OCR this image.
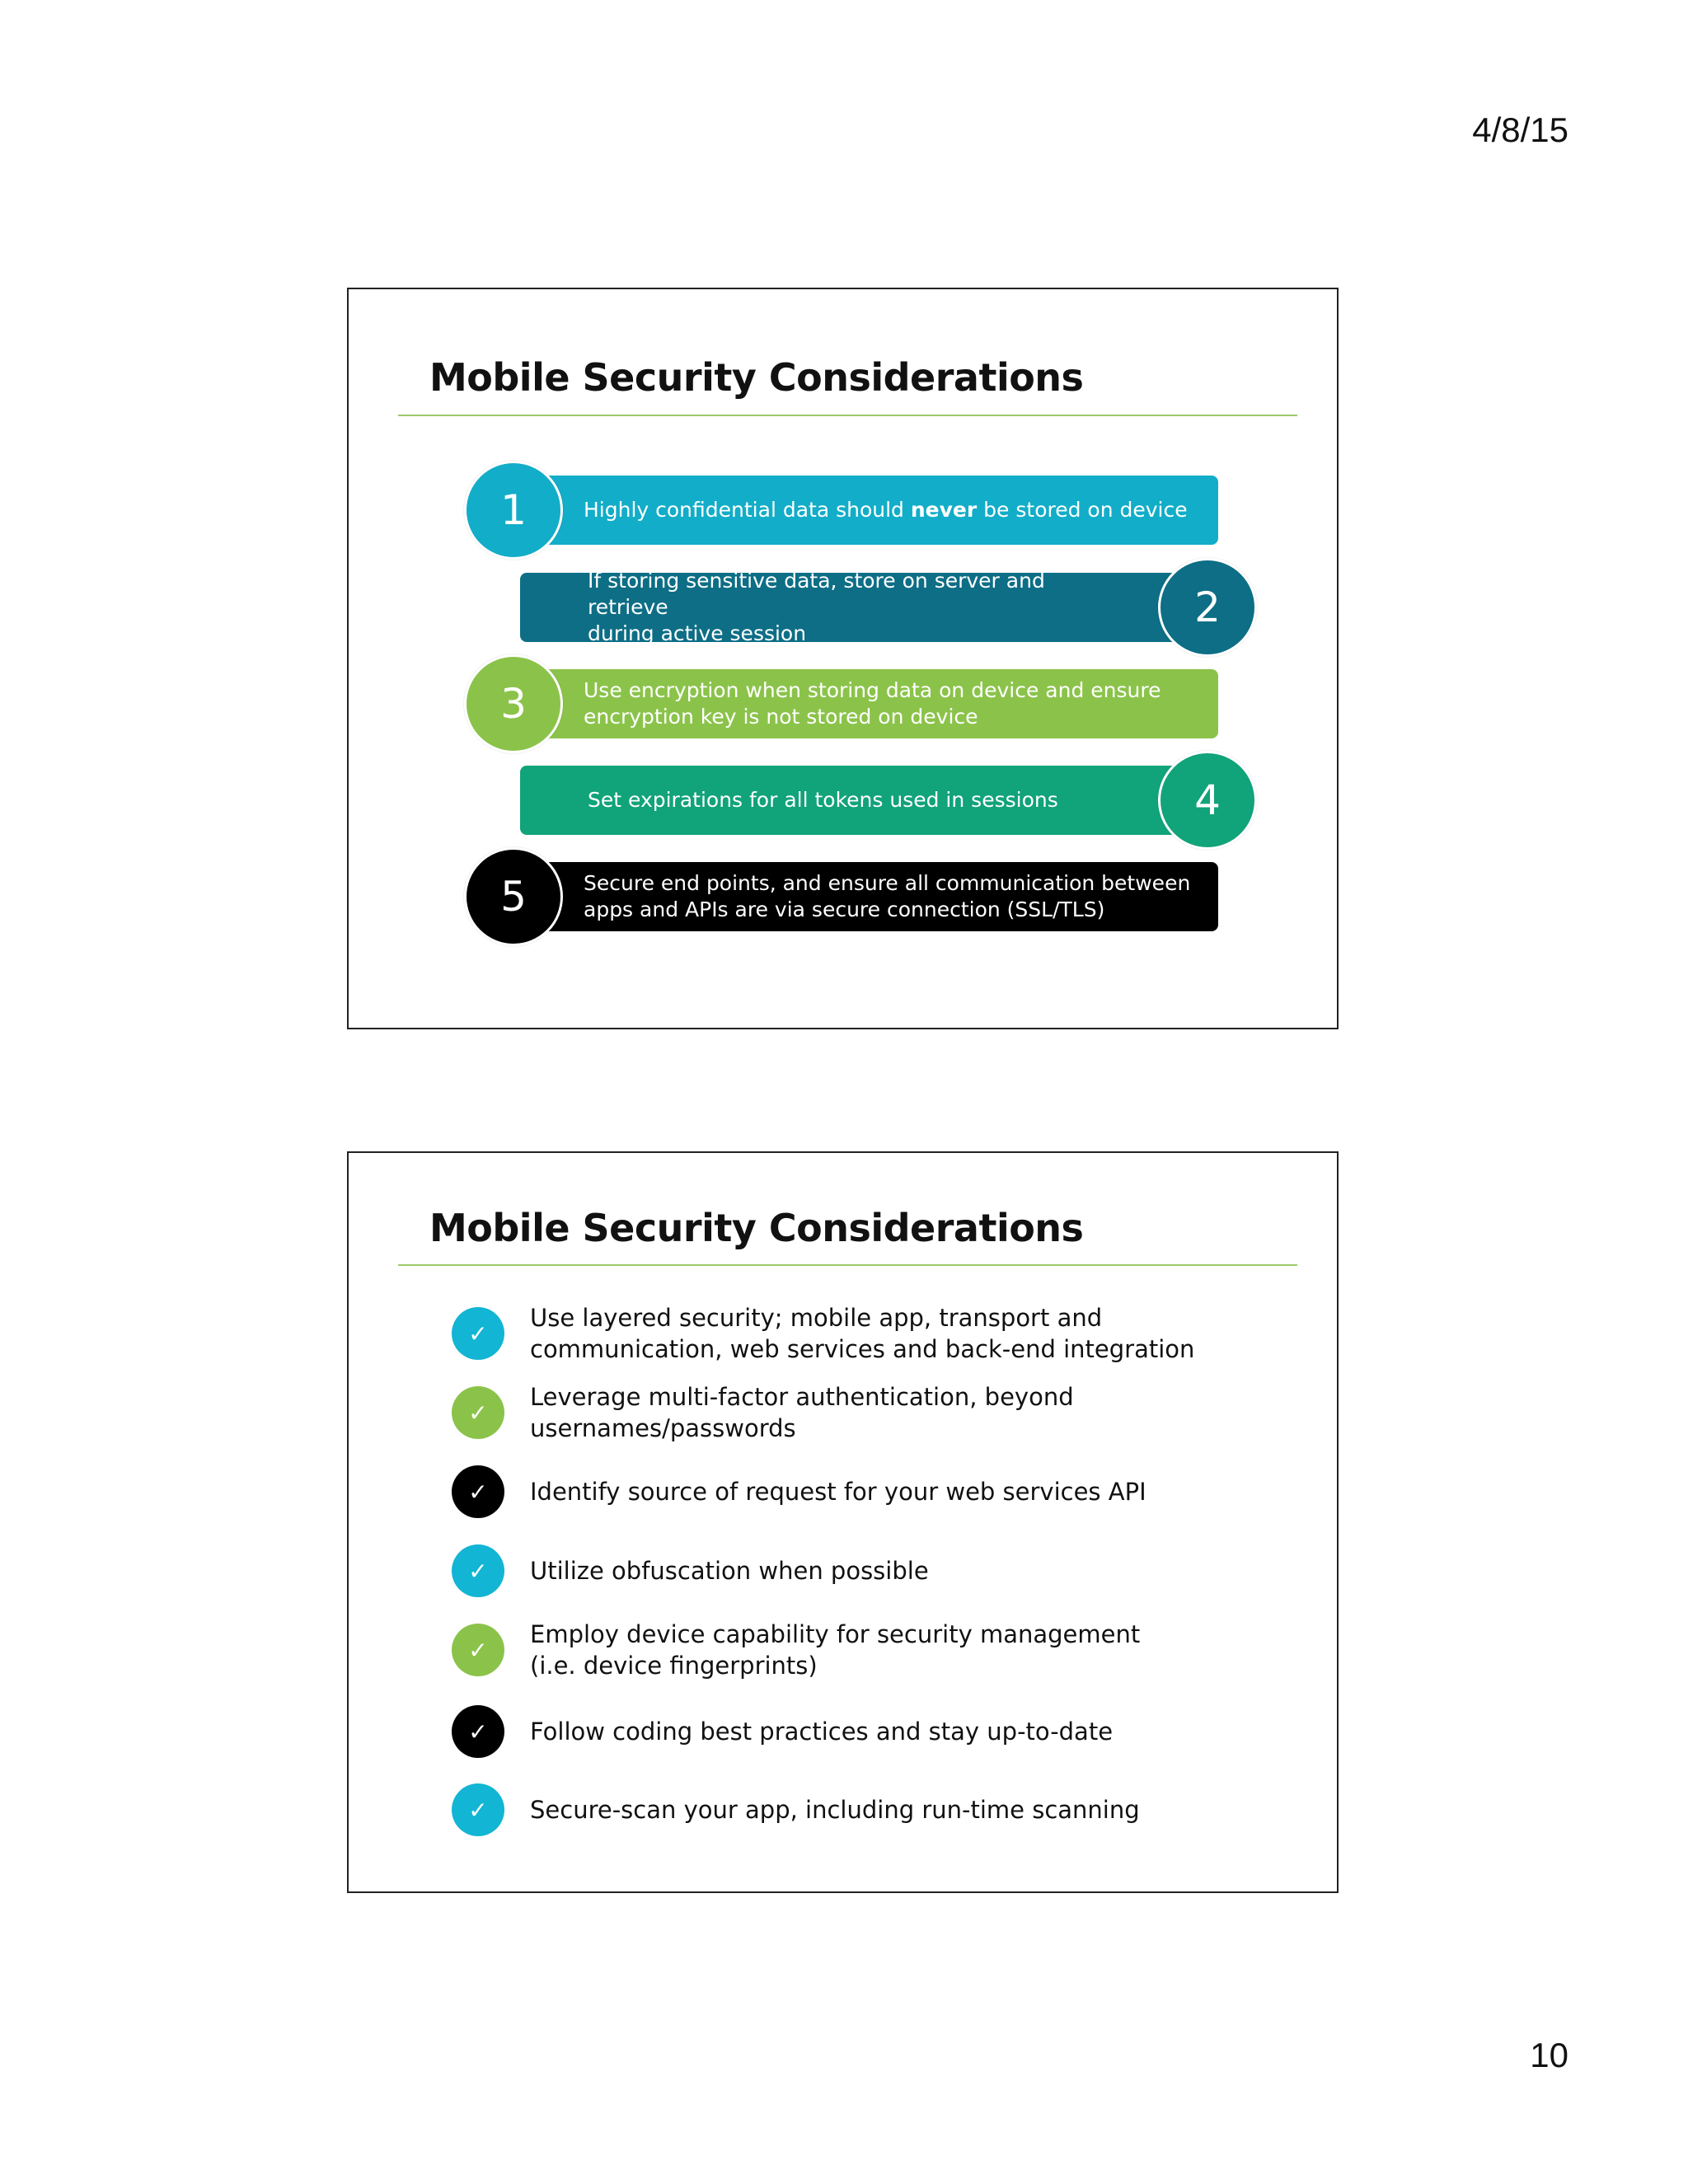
4/8/15
Mobile Security Considerations
Highly confidential data should never be stored on device
1
If storing sensitive data, store on server and retrieve
during active session
2
Use encryption when storing data on device and ensure
encryption key is not stored on device
3
Set expirations for all tokens used in sessions	4
Secure end points, and ensure all communication between
apps and APIs are via secure connection (SSL/TLS)
5
Mobile Security Considerations
✓
Use layered security; mobile app, transport and
communication, web services and back-end integration
✓
Leverage multi-factor authentication, beyond usernames/passwords
✓	Identify source of request for your web services API
✓	Utilize obfuscation when possible
✓
Employ device capability for security management
(i.e. device fingerprints)
✓	Follow coding best practices and stay up-to-date
✓	Secure-scan your app, including run-time scanning
10
